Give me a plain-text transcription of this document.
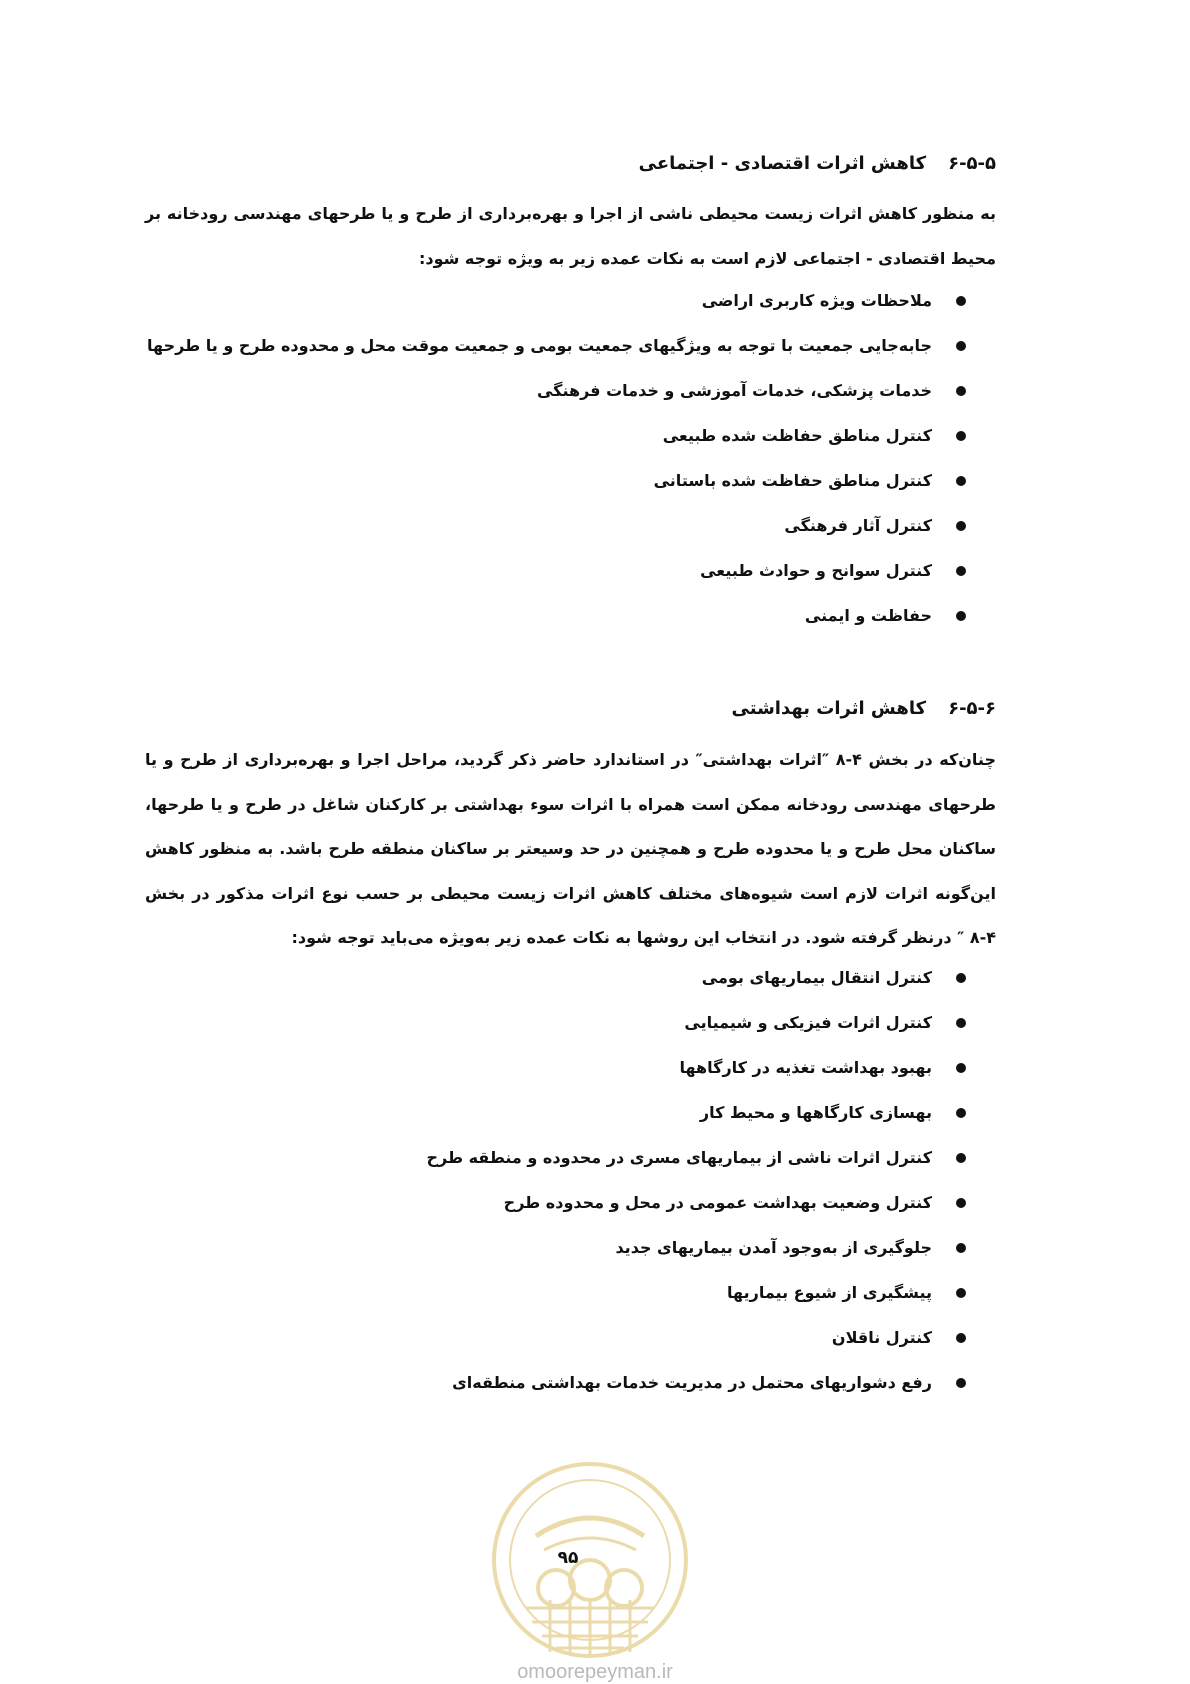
۶-۵-۵کاهش اثرات اقتصادی - اجتماعی

به منظور کاهش اثرات زیست محیطی ناشی از اجرا و بهره‌برداری از طرح و یا طرحهای مهندسی رودخانه بر محیط اقتصادی - اجتماعی لازم است به نکات عمده زیر به ویژه توجه شود:

ملاحظات ویژه کاربری اراضی
جابه‌جایی جمعیت با توجه به ویژگیهای جمعیت بومی و جمعیت موقت محل و محدوده طرح و یا طرحها
خدمات پزشکی، خدمات آموزشی و خدمات فرهنگی
کنترل مناطق حفاظت شده طبیعی
کنترل مناطق حفاظت شده باستانی
کنترل آثار فرهنگی
کنترل سوانح و حوادث طبیعی
حفاظت و ایمنی
۶-۵-۶کاهش اثرات بهداشتی

چنان‌که در بخش ۴-۸ ″اثرات بهداشتی″ در استاندارد حاضر ذکر گردید، مراحل اجرا و بهره‌برداری از طرح و یا طرحهای مهندسی رودخانه ممکن است همراه با اثرات سوء بهداشتی بر کارکنان شاغل در طرح و یا طرحها، ساکنان محل طرح و یا محدوده طرح و همچنین در حد وسیعتر بر ساکنان منطقه طرح باشد. به منظور کاهش این‌گونه اثرات لازم است شیوه‌های مختلف کاهش اثرات زیست محیطی بر حسب نوع اثرات مذکور در بخش ۴-۸ ″ درنظر گرفته شود. در انتخاب این روشها به نکات عمده زیر به‌ویژه می‌باید توجه شود:

کنترل انتقال بیماریهای بومی
کنترل اثرات فیزیکی و شیمیایی
بهبود بهداشت تغذیه در کارگاهها
بهسازی کارگاهها و محیط کار
کنترل اثرات ناشی از بیماریهای مسری در محدوده و منطقه طرح
کنترل وضعیت بهداشت عمومی در محل و محدوده طرح
جلوگیری از به‌وجود آمدن بیماریهای جدید
پیشگیری از شیوع بیماریها
کنترل ناقلان
رفع دشواریهای محتمل در مدیریت خدمات بهداشتی منطقه‌ای
۹۵
omoorepeyman.ir
